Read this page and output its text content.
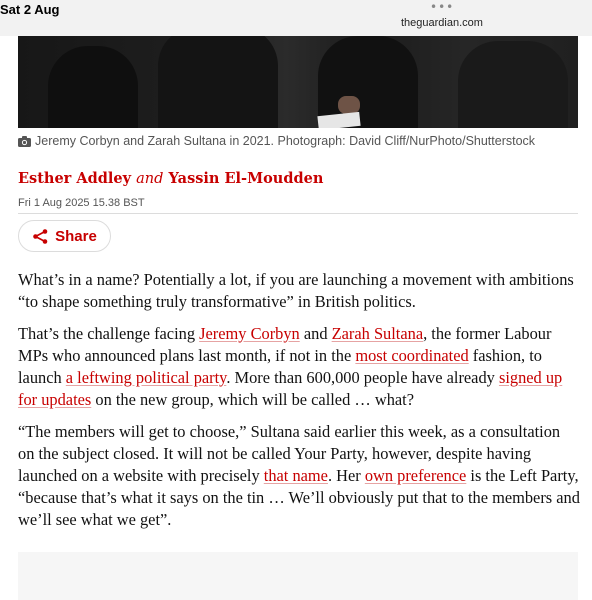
Sat 2 Aug	•••
theguardian.com
Jeremy Corbyn and Zarah Sultana in 2021. Photograph: David Cliff/NurPhoto/Shutterstock
Esther Addley and Yassin El-Moudden
Fri 1 Aug 2025 15.38 BST
Share

What’s in a name? Potentially a lot, if you are launching a movement with ambitions “to shape something truly transformative” in British politics.

That’s the challenge facing Jeremy Corbyn and Zarah Sultana, the former Labour MPs who announced plans last month, if not in the most coordinated fashion, to launch a leftwing political party. More than 600,000 people have already signed up for updates on the new group, which will be called … what?

“The members will get to choose,” Sultana said earlier this week, as a consultation on the subject closed. It will not be called Your Party, however, despite having launched on a website with precisely that name. Her own preference is the Left Party, “because that’s what it says on the tin … We’ll obviously put that to the members and we’ll see what we get”.
